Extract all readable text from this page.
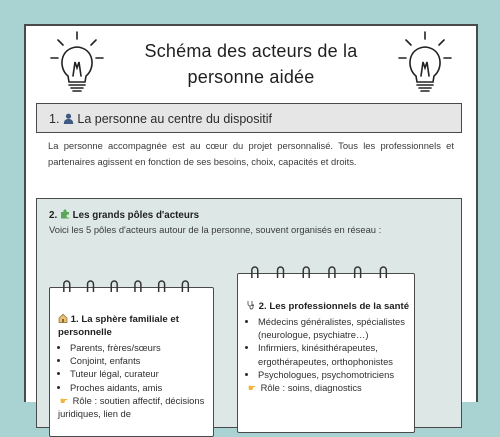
Schéma des acteurs de la
personne aidée
1. La personne au centre du dispositif
La personne accompagnée est au cœur du projet personnalisé. Tous les professionnels et partenaires agissent en fonction de ses besoins, choix, capacités et droits.
2. Les grands pôles d'acteurs
Voici les 5 pôles d'acteurs autour de la personne, souvent organisés en réseau :
1. La sphère familiale et personnelle
• Parents, frères/sœurs
• Conjoint, enfants
• Tuteur légal, curateur
• Proches aidants, amis
☛ Rôle : soutien affectif, décisions juridiques, lien de
2. Les professionnels de la santé
• Médecins généralistes, spécialistes (neurologue, psychiatre…)
• Infirmiers, kinésithérapeutes, ergothérapeutes, orthophonistes
• Psychologues, psychomotriciens
☛ Rôle : soins, diagnostics
